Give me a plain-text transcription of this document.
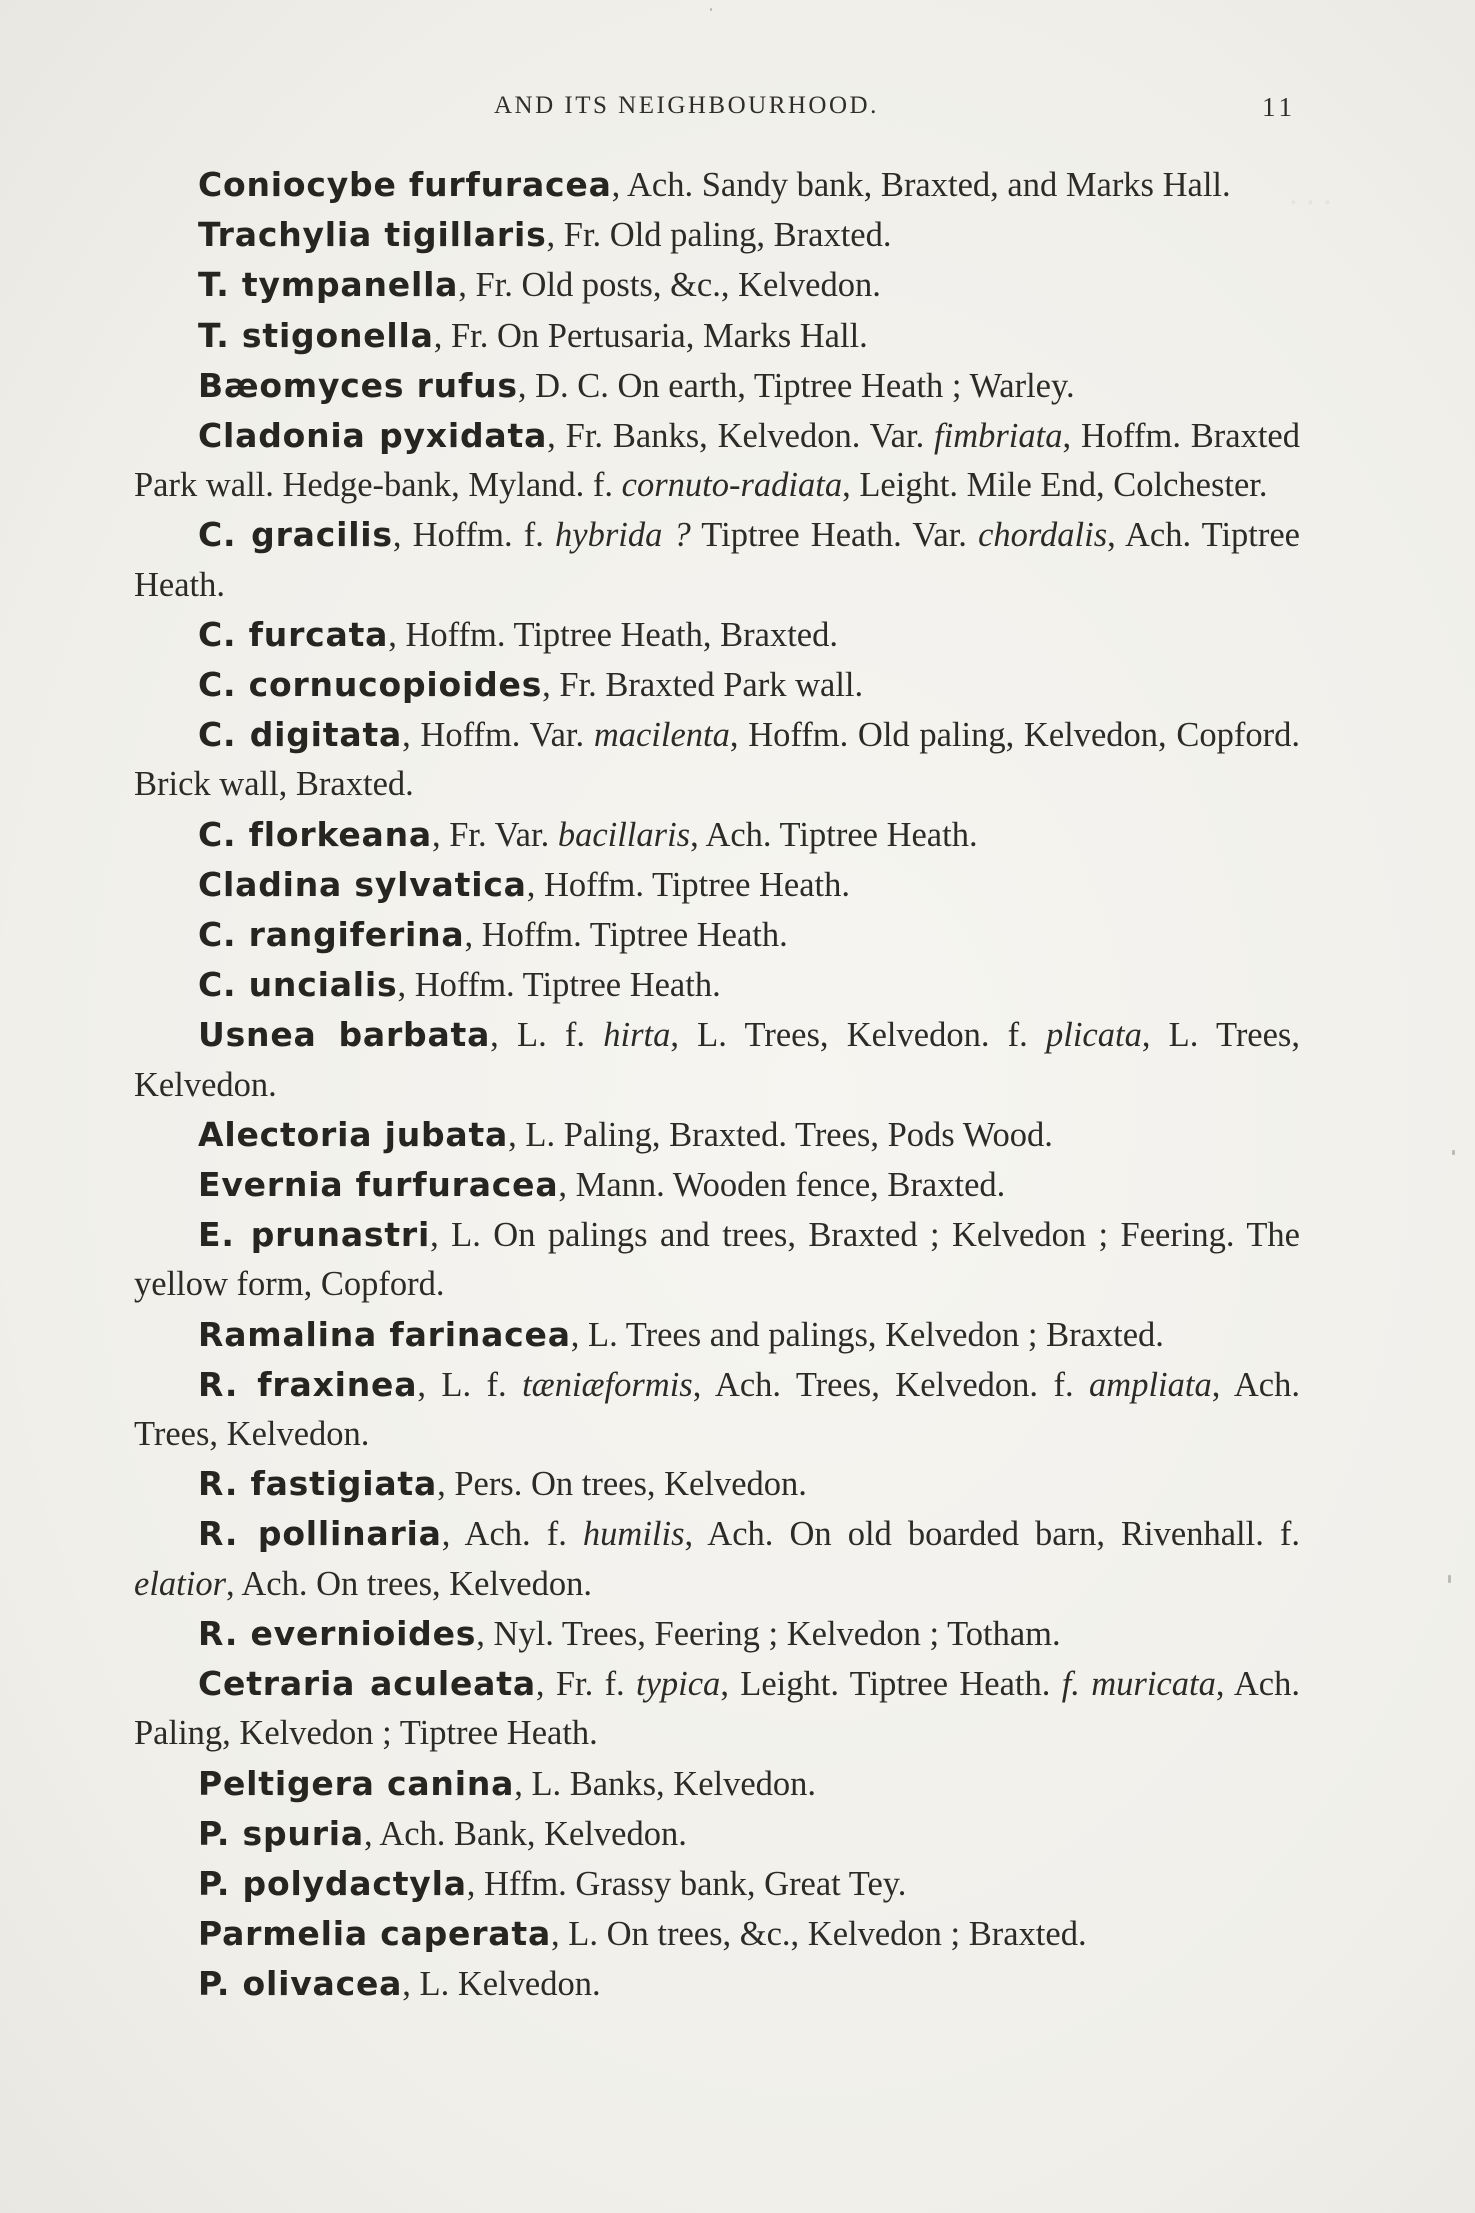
. . .
AND ITS NEIGHBOURHOOD.	11

Coniocybe furfuracea, Ach. Sandy bank, Braxted, and Marks Hall.

Trachylia tigillaris, Fr. Old paling, Braxted.

T. tympanella, Fr. Old posts, &c., Kelvedon.

T. stigonella, Fr. On Pertusaria, Marks Hall.

Bæomyces rufus, D. C. On earth, Tiptree Heath ; Warley.

Cladonia pyxidata, Fr. Banks, Kelvedon. Var. fimbriata, Hoffm. Braxted Park wall. Hedge-bank, Myland. f. cornuto-radiata, Leight. Mile End, Colchester.

C. gracilis, Hoffm. f. hybrida ? Tiptree Heath. Var. chordalis, Ach. Tiptree Heath.

C. furcata, Hoffm. Tiptree Heath, Braxted.

C. cornucopioides, Fr. Braxted Park wall.

C. digitata, Hoffm. Var. macilenta, Hoffm. Old paling, Kelvedon, Copford. Brick wall, Braxted.

C. florkeana, Fr. Var. bacillaris, Ach. Tiptree Heath.

Cladina sylvatica, Hoffm. Tiptree Heath.

C. rangiferina, Hoffm. Tiptree Heath.

C. uncialis, Hoffm. Tiptree Heath.

Usnea barbata, L. f. hirta, L. Trees, Kelvedon. f. plicata, L. Trees, Kelvedon.

Alectoria jubata, L. Paling, Braxted. Trees, Pods Wood.

Evernia furfuracea, Mann. Wooden fence, Braxted.

E. prunastri, L. On palings and trees, Braxted ; Kelvedon ; Feering. The yellow form, Copford.

Ramalina farinacea, L. Trees and palings, Kelvedon ; Braxted.

R. fraxinea, L. f. tæniæformis, Ach. Trees, Kelvedon. f. ampliata, Ach. Trees, Kelvedon.

R. fastigiata, Pers. On trees, Kelvedon.

R. pollinaria, Ach. f. humilis, Ach. On old boarded barn, Rivenhall. f. elatior, Ach. On trees, Kelvedon.

R. evernioides, Nyl. Trees, Feering ; Kelvedon ; Totham.

Cetraria aculeata, Fr. f. typica, Leight. Tiptree Heath. f. muricata, Ach. Paling, Kelvedon ; Tiptree Heath.

Peltigera canina, L. Banks, Kelvedon.

P. spuria, Ach. Bank, Kelvedon.

P. polydactyla, Hffm. Grassy bank, Great Tey.

Parmelia caperata, L. On trees, &c., Kelvedon ; Braxted.

P. olivacea, L. Kelvedon.
